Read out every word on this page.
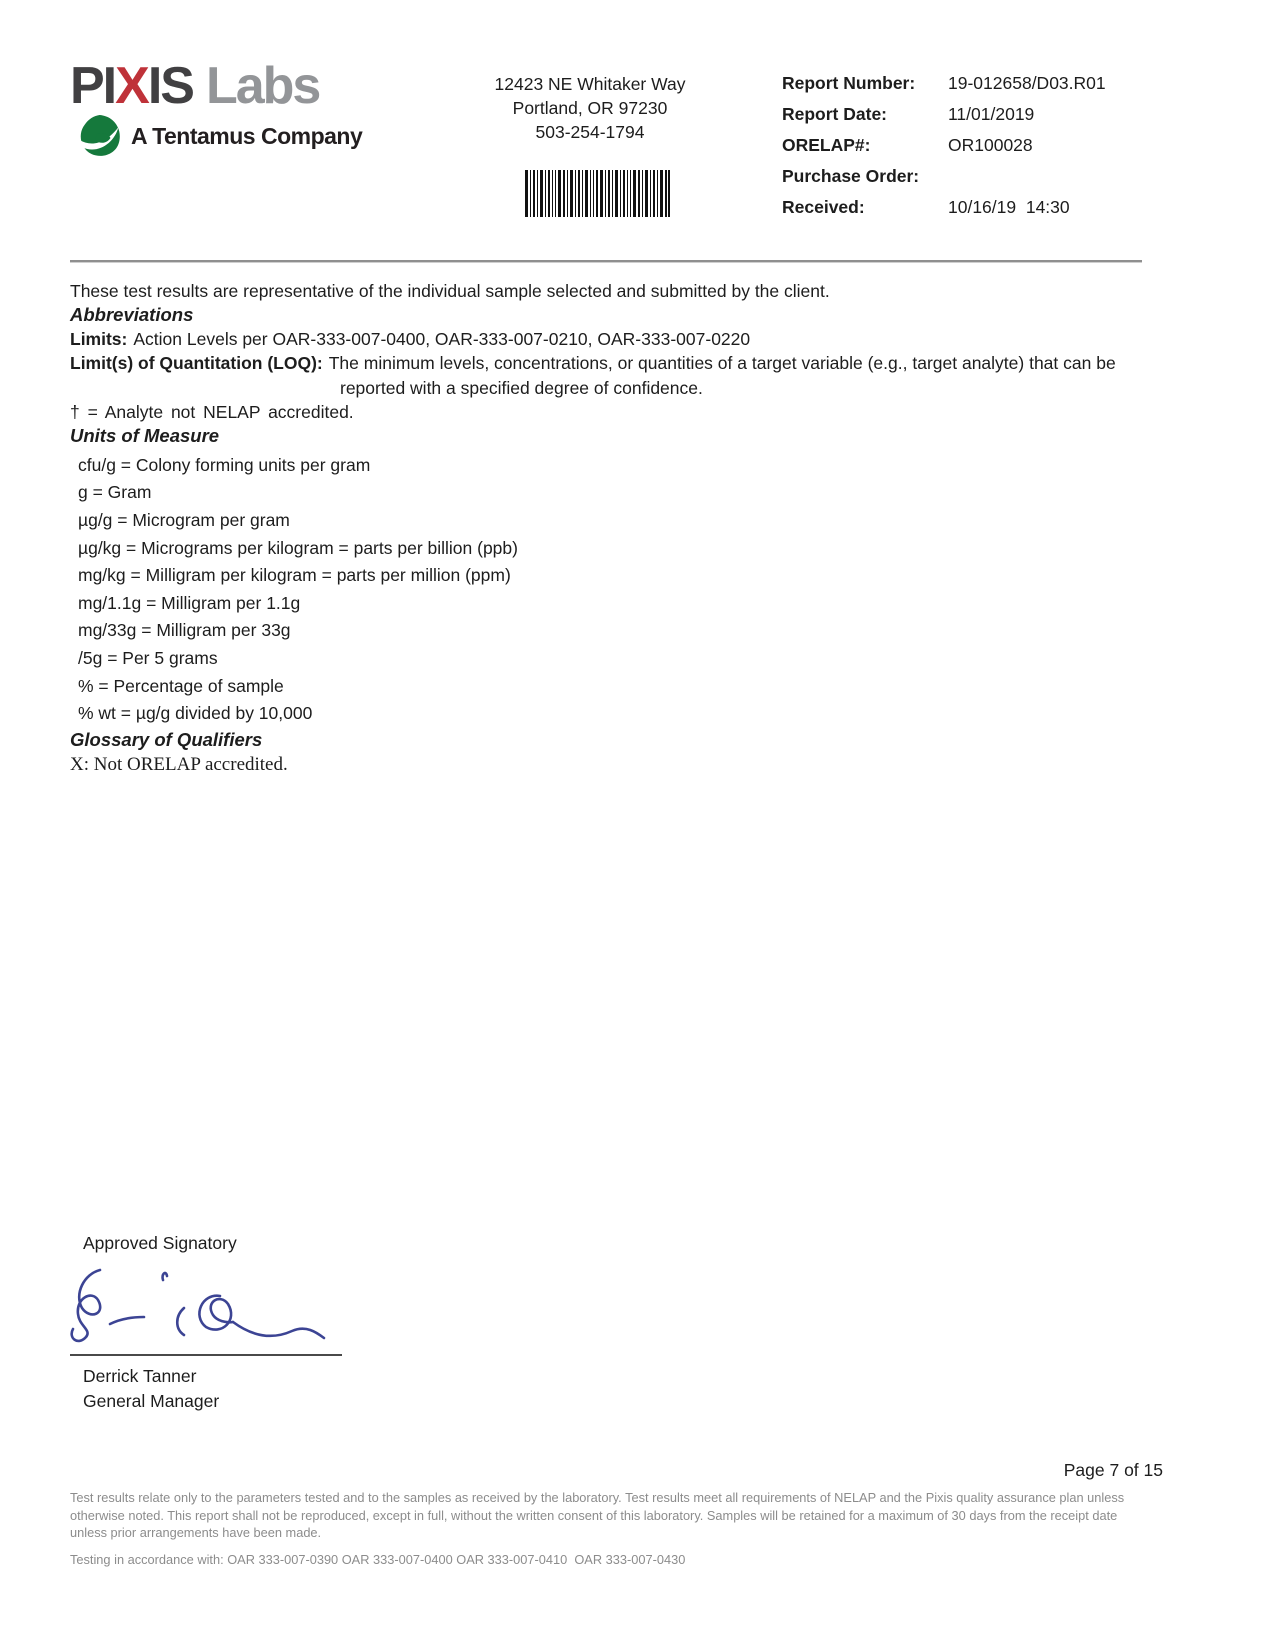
PIXIS Labs
A Tentamus Company
12423 NE Whitaker Way
Portland, OR 97230
503-254-1794
Report Number:	19-012658/D03.R01
Report Date:	11/01/2019
ORELAP#:	OR100028
Purchase Order:
Received:	10/16/19  14:30

These test results are representative of the individual sample selected and submitted by the client.

Abbreviations

Limits: Action Levels per OAR-333-007-0400, OAR-333-007-0210, OAR-333-007-0220

Limit(s) of Quantitation (LOQ): The minimum levels, concentrations, or quantities of a target variable (e.g., target analyte) that can be reported with a specified degree of confidence.

† = Analyte not NELAP accredited.

Units of Measure

cfu/g = Colony forming units per gram
g = Gram
µg/g = Microgram per gram
µg/kg = Micrograms per kilogram = parts per billion (ppb)
mg/kg = Milligram per kilogram = parts per million (ppm)
mg/1.1g = Milligram per 1.1g
mg/33g = Milligram per 33g
/5g = Per 5 grams
% = Percentage of sample
% wt = µg/g divided by 10,000

Glossary of Qualifiers

X: Not ORELAP accredited.

Approved Signatory
Derrick Tanner
General Manager
Page 7 of 15
Test results relate only to the parameters tested and to the samples as received by the laboratory. Test results meet all requirements of NELAP and the Pixis quality assurance plan unless otherwise noted. This report shall not be reproduced, except in full, without the written consent of this laboratory. Samples will be retained for a maximum of 30 days from the receipt date unless prior arrangements have been made.
Testing in accordance with: OAR 333-007-0390 OAR 333-007-0400 OAR 333-007-0410  OAR 333-007-0430
